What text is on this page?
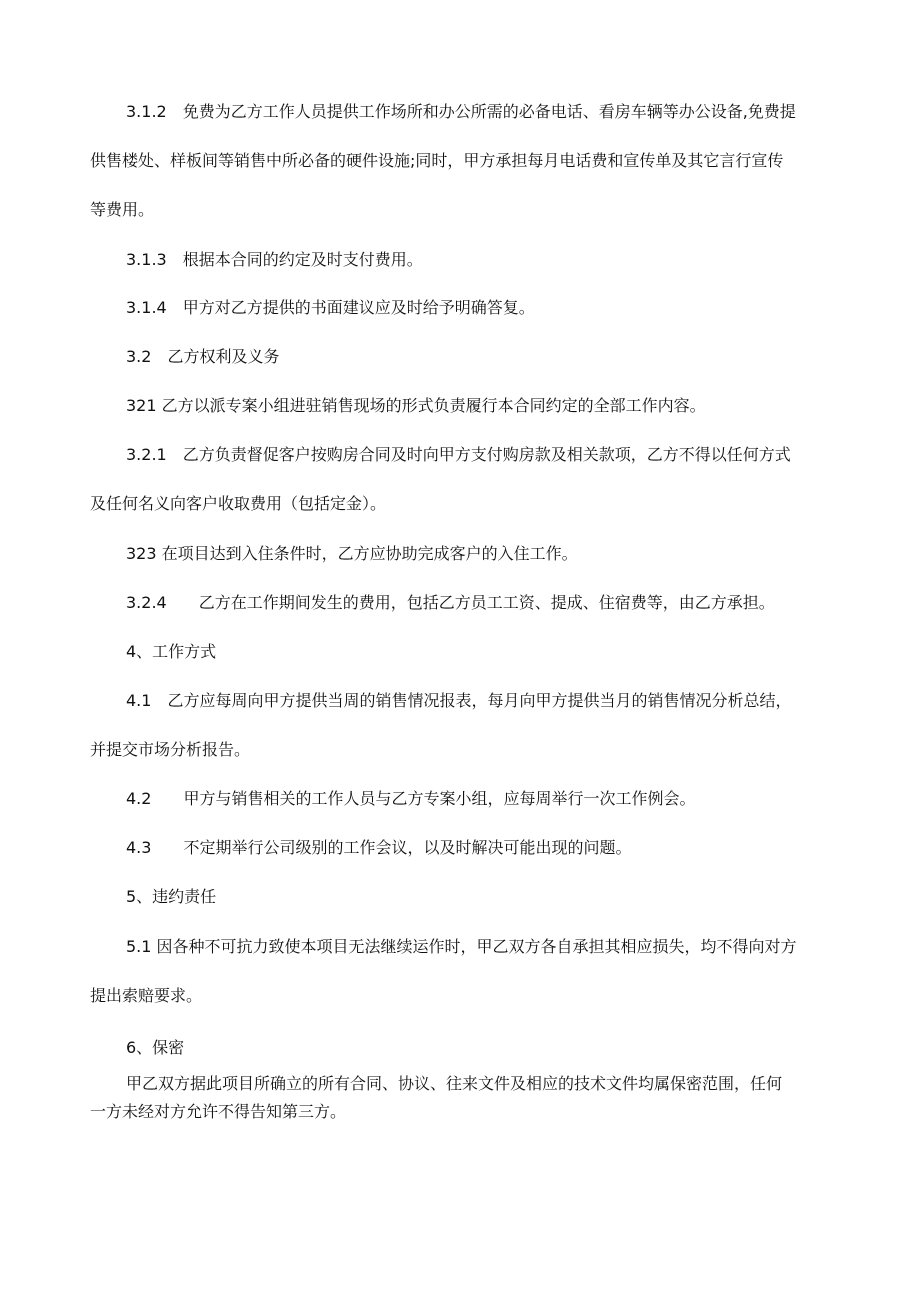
3.1.2　免费为乙方工作人员提供工作场所和办公所需的必备电话、看房车辆等办公设备,免费提
供售楼处、样板间等销售中所必备的硬件设施;同时，甲方承担每月电话费和宣传单及其它言行宣传
等费用。
3.1.3　根据本合同的约定及时支付费用。
3.1.4　甲方对乙方提供的书面建议应及时给予明确答复。
3.2　乙方权利及义务
321 乙方以派专案小组进驻销售现场的形式负责履行本合同约定的全部工作内容。
3.2.1　乙方负责督促客户按购房合同及时向甲方支付购房款及相关款项，乙方不得以任何方式
及任何名义向客户收取费用（包括定金）。
323 在项目达到入住条件时，乙方应协助完成客户的入住工作。
3.2.4　　乙方在工作期间发生的费用，包括乙方员工工资、提成、住宿费等，由乙方承担。
4、工作方式
4.1　乙方应每周向甲方提供当周的销售情况报表，每月向甲方提供当月的销售情况分析总结，
并提交市场分析报告。
4.2　　甲方与销售相关的工作人员与乙方专案小组，应每周举行一次工作例会。
4.3　　不定期举行公司级别的工作会议，以及时解决可能出现的问题。
5、违约责任
5.1 因各种不可抗力致使本项目无法继续运作时，甲乙双方各自承担其相应损失，均不得向对方
提出索赔要求。
6、保密
甲乙双方据此项目所确立的所有合同、协议、往来文件及相应的技术文件均属保密范围，任何
一方未经对方允许不得告知第三方。
